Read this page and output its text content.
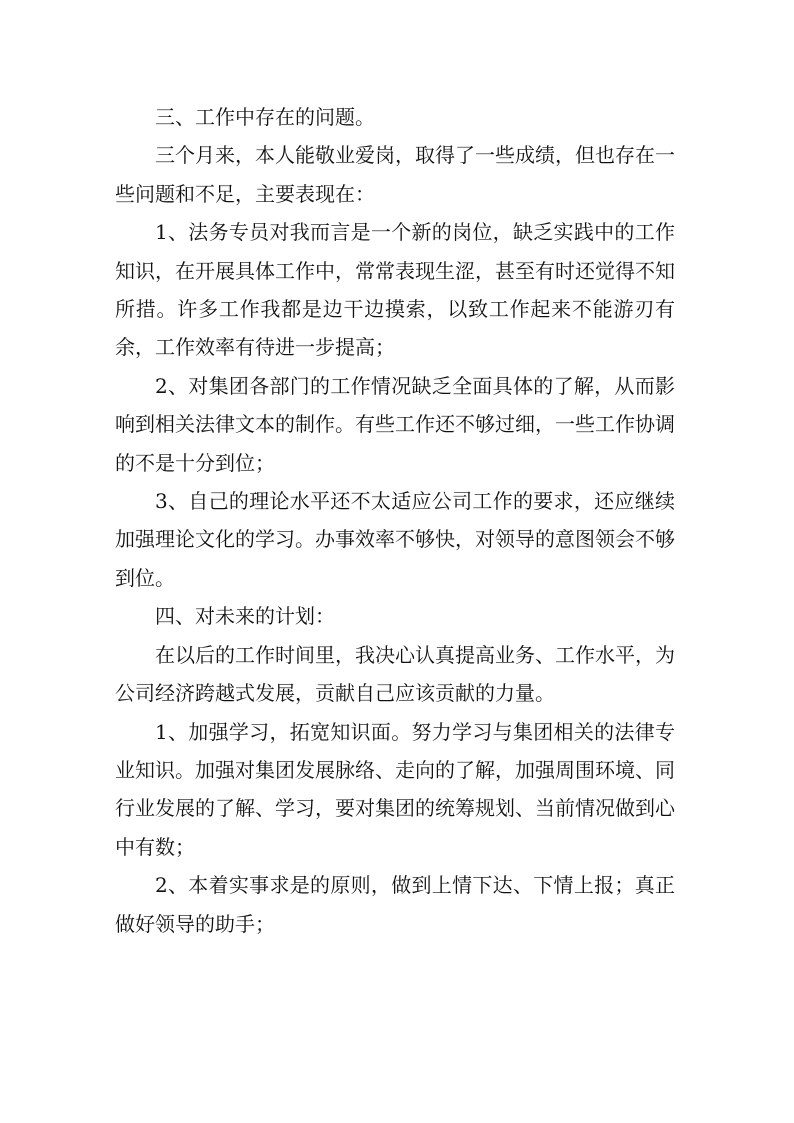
三、工作中存在的问题。

三个月来，本人能敬业爱岗，取得了一些成绩，但也存在一些问题和不足，主要表现在：

1、法务专员对我而言是一个新的岗位，缺乏实践中的工作知识，在开展具体工作中，常常表现生涩，甚至有时还觉得不知所措。许多工作我都是边干边摸索，以致工作起来不能游刃有余，工作效率有待进一步提高；

2、对集团各部门的工作情况缺乏全面具体的了解，从而影响到相关法律文本的制作。有些工作还不够过细，一些工作协调的不是十分到位；

3、自己的理论水平还不太适应公司工作的要求，还应继续加强理论文化的学习。办事效率不够快，对领导的意图领会不够到位。

四、对未来的计划：

在以后的工作时间里，我决心认真提高业务、工作水平，为公司经济跨越式发展，贡献自己应该贡献的力量。

1、加强学习，拓宽知识面。努力学习与集团相关的法律专业知识。加强对集团发展脉络、走向的了解，加强周围环境、同行业发展的了解、学习，要对集团的统筹规划、当前情况做到心中有数；

2、本着实事求是的原则，做到上情下达、下情上报；真正做好领导的助手；
